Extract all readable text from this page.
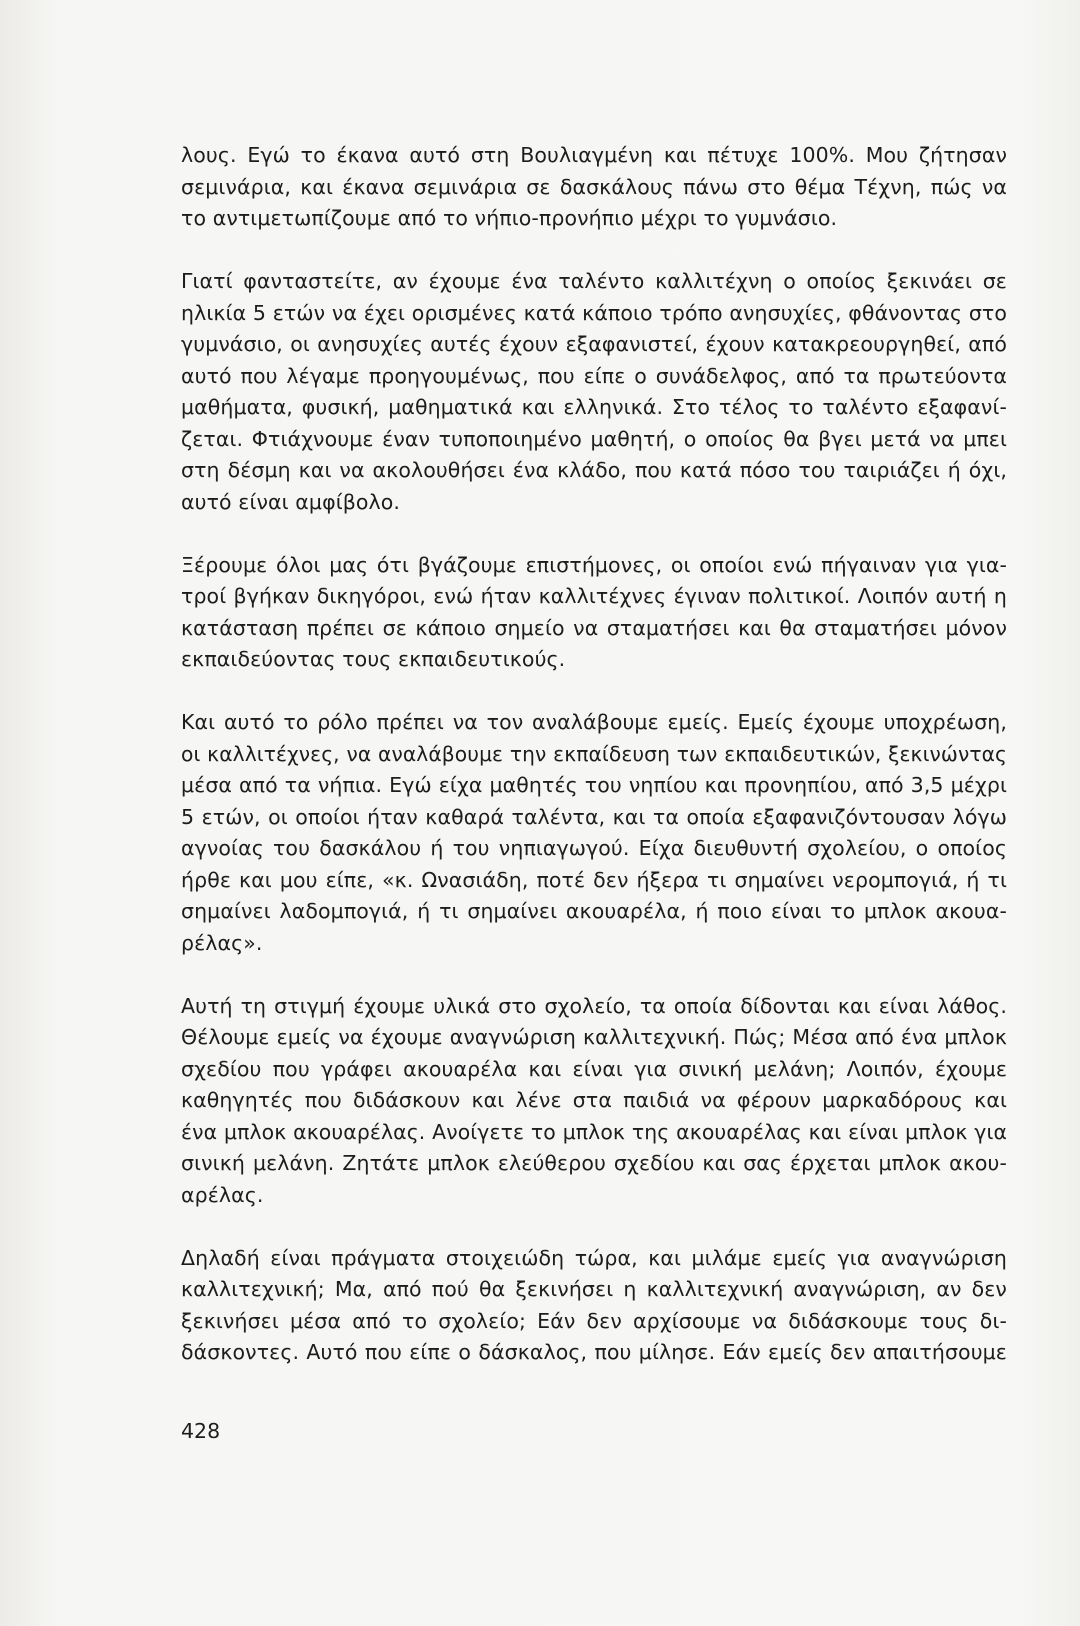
λους. Εγώ το έκανα αυτό στη Βουλιαγμένη και πέτυχε 100%. Μου ζήτησαν
σεμινάρια, και έκανα σεμινάρια σε δασκάλους πάνω στο θέμα Τέχνη, πώς να
το αντιμετωπίζουμε από το νήπιο-προνήπιο μέχρι το γυμνάσιο.

Γιατί φανταστείτε, αν έχουμε ένα ταλέντο καλλιτέχνη ο οποίος ξεκινάει σε
ηλικία 5 ετών να έχει ορισμένες κατά κάποιο τρόπο ανησυχίες, φθάνοντας στο
γυμνάσιο, οι ανησυχίες αυτές έχουν εξαφανιστεί, έχουν κατακρεουργηθεί, από
αυτό που λέγαμε προηγουμένως, που είπε ο συνάδελφος, από τα πρωτεύοντα
μαθήματα, φυσική, μαθηματικά και ελληνικά. Στο τέλος το ταλέντο εξαφανί-
ζεται. Φτιάχνουμε έναν τυποποιημένο μαθητή, ο οποίος θα βγει μετά να μπει
στη δέσμη και να ακολουθήσει ένα κλάδο, που κατά πόσο του ταιριάζει ή όχι,
αυτό είναι αμφίβολο.

Ξέρουμε όλοι μας ότι βγάζουμε επιστήμονες, οι οποίοι ενώ πήγαιναν για για-
τροί βγήκαν δικηγόροι, ενώ ήταν καλλιτέχνες έγιναν πολιτικοί. Λοιπόν αυτή η
κατάσταση πρέπει σε κάποιο σημείο να σταματήσει και θα σταματήσει μόνον
εκπαιδεύοντας τους εκπαιδευτικούς.

Και αυτό το ρόλο πρέπει να τον αναλάβουμε εμείς. Εμείς έχουμε υποχρέωση,
οι καλλιτέχνες, να αναλάβουμε την εκπαίδευση των εκπαιδευτικών, ξεκινώντας
μέσα από τα νήπια. Εγώ είχα μαθητές του νηπίου και προνηπίου, από 3,5 μέχρι
5 ετών, οι οποίοι ήταν καθαρά ταλέντα, και τα οποία εξαφανιζόντουσαν λόγω
αγνοίας του δασκάλου ή του νηπιαγωγού. Είχα διευθυντή σχολείου, ο οποίος
ήρθε και μου είπε, «κ. Ωνασιάδη, ποτέ δεν ήξερα τι σημαίνει νερομπογιά, ή τι
σημαίνει λαδομπογιά, ή τι σημαίνει ακουαρέλα, ή ποιο είναι το μπλοκ ακουα-
ρέλας».

Αυτή τη στιγμή έχουμε υλικά στο σχολείο, τα οποία δίδονται και είναι λάθος.
Θέλουμε εμείς να έχουμε αναγνώριση καλλιτεχνική. Πώς; Μέσα από ένα μπλοκ
σχεδίου που γράφει ακουαρέλα και είναι για σινική μελάνη; Λοιπόν, έχουμε
καθηγητές που διδάσκουν και λένε στα παιδιά να φέρουν μαρκαδόρους και
ένα μπλοκ ακουαρέλας. Ανοίγετε το μπλοκ της ακουαρέλας και είναι μπλοκ για
σινική μελάνη. Ζητάτε μπλοκ ελεύθερου σχεδίου και σας έρχεται μπλοκ ακου-
αρέλας.

Δηλαδή είναι πράγματα στοιχειώδη τώρα, και μιλάμε εμείς για αναγνώριση
καλλιτεχνική; Μα, από πού θα ξεκινήσει η καλλιτεχνική αναγνώριση, αν δεν
ξεκινήσει μέσα από το σχολείο; Εάν δεν αρχίσουμε να διδάσκουμε τους δι-
δάσκοντες. Αυτό που είπε ο δάσκαλος, που μίλησε. Εάν εμείς δεν απαιτήσουμε

428
